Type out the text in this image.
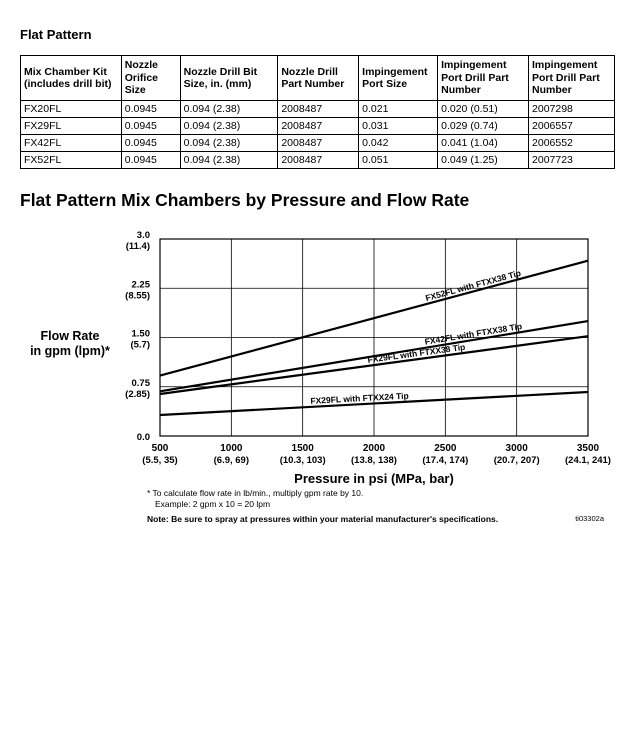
Flat Pattern
Mix Chamber Kit (includes drill bit)	Nozzle Orifice Size	Nozzle Drill Bit Size, in. (mm)	Nozzle Drill Part Number	Impingement Port Size	Impingement Port Drill Part Number	Impingement Port Drill Part Number
FX20FL	0.0945	0.094 (2.38)	2008487	0.021	0.020 (0.51)	2007298
FX29FL	0.0945	0.094 (2.38)	2008487	0.031	0.029 (0.74)	2006557
FX42FL	0.0945	0.094 (2.38)	2008487	0.042	0.041 (1.04)	2006552
FX52FL	0.0945	0.094 (2.38)	2008487	0.051	0.049 (1.25)	2007723
Flat Pattern Mix Chambers by Pressure and Flow Rate
500
(5.5, 35)
1000
(6.9, 69)
1500
(10.3, 103)
2000
(13.8, 138)
2500
(17.4, 174)
3000
(20.7, 207)
3500
(24.1, 241)
3.0
(11.4)
2.25
(8.55)
1.50
(5.7)
0.75
(2.85)
0.0
FX52FL with FTXX38 Tip
FX42FL with FTXX38 Tip
FX29FL with FTXX38 Tip
FX29FL with FTXX24 Tip
Flow Rate
in gpm (lpm)*
Pressure in psi (MPa, bar)
* To calculate flow rate in lb/min., multiply gpm rate by 10.
Example: 2 gpm x 10 = 20 lpm
Note: Be sure to spray at pressures within your material manufacturer's specifications.	ti03302a
